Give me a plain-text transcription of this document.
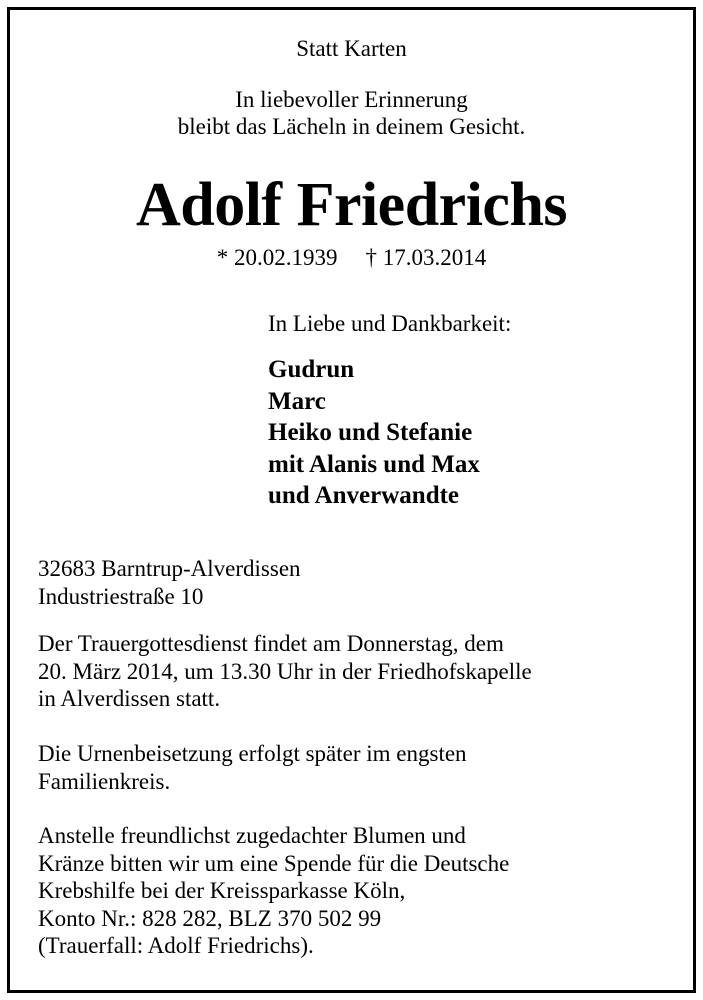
Statt Karten
In liebevoller Erinnerung
bleibt das Lächeln in deinem Gesicht.
Adolf Friedrichs
* 20.02.1939 † 17.03.2014
In Liebe und Dankbarkeit:
Gudrun
Marc
Heiko und Stefanie
mit Alanis und Max
und Anverwandte
32683 Barntrup-Alverdissen
Industriestraße 10
Der Trauergottesdienst findet am Donnerstag, dem
20. März 2014, um 13.30 Uhr in der Friedhofskapelle
in Alverdissen statt.
Die Urnenbeisetzung erfolgt später im engsten
Familienkreis.
Anstelle freundlichst zugedachter Blumen und
Kränze bitten wir um eine Spende für die Deutsche
Krebshilfe bei der Kreissparkasse Köln,
Konto Nr.: 828 282, BLZ 370 502 99
(Trauerfall: Adolf Friedrichs).
